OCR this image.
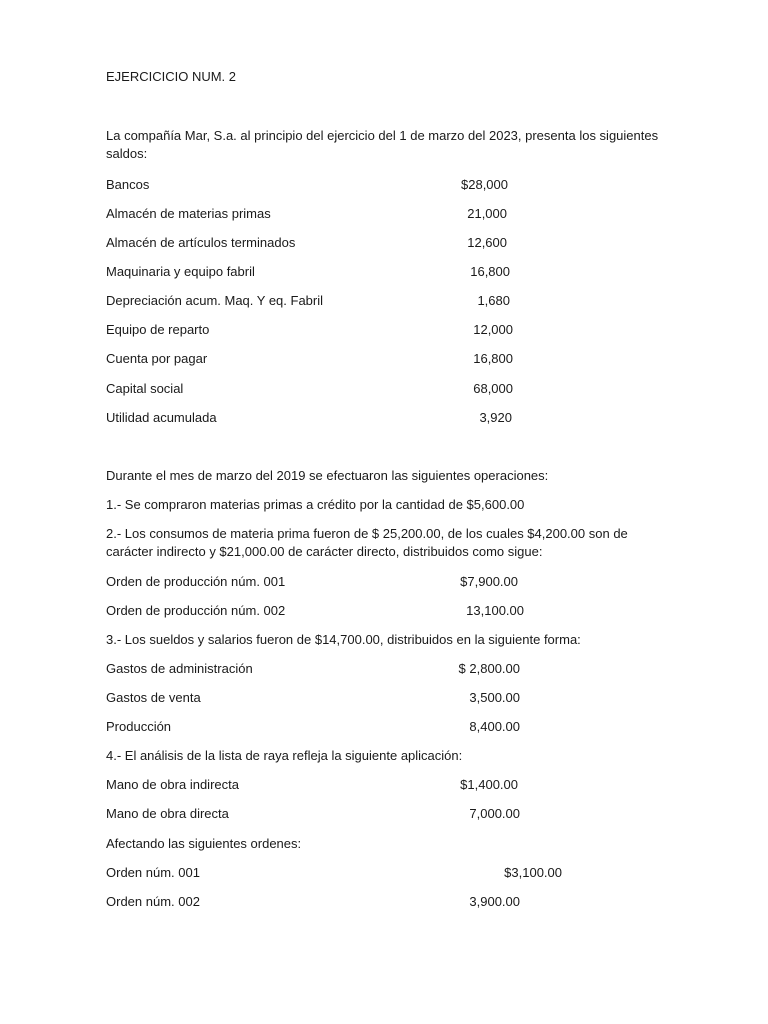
EJERCICICIO NUM. 2
La compañía Mar, S.a. al principio del ejercicio del 1 de marzo del 2023, presenta los siguientes saldos:
Bancos	$28,000
Almacén de materias primas	21,000
Almacén de artículos terminados	12,600
Maquinaria y equipo fabril	16,800
Depreciación acum. Maq. Y eq. Fabril	1,680
Equipo de reparto	12,000
Cuenta por pagar	16,800
Capital social	68,000
Utilidad acumulada	3,920
Durante el mes de marzo del 2019 se efectuaron las siguientes operaciones:
1.- Se compraron materias primas a crédito por la cantidad de $5,600.00
2.- Los consumos de materia prima fueron de $ 25,200.00, de los cuales $4,200.00 son de carácter indirecto y $21,000.00 de carácter directo, distribuidos como sigue:
Orden de producción núm. 001	$7,900.00
Orden de producción núm. 002	13,100.00
3.- Los sueldos y salarios fueron de $14,700.00, distribuidos en la siguiente forma:
Gastos de administración	$ 2,800.00
Gastos de venta	3,500.00
Producción	8,400.00
4.- El análisis de la lista de raya refleja la siguiente aplicación:
Mano de obra indirecta	$1,400.00
Mano de obra directa	7,000.00
Afectando las siguientes ordenes:
Orden núm. 001	$3,100.00
Orden núm. 002	3,900.00
